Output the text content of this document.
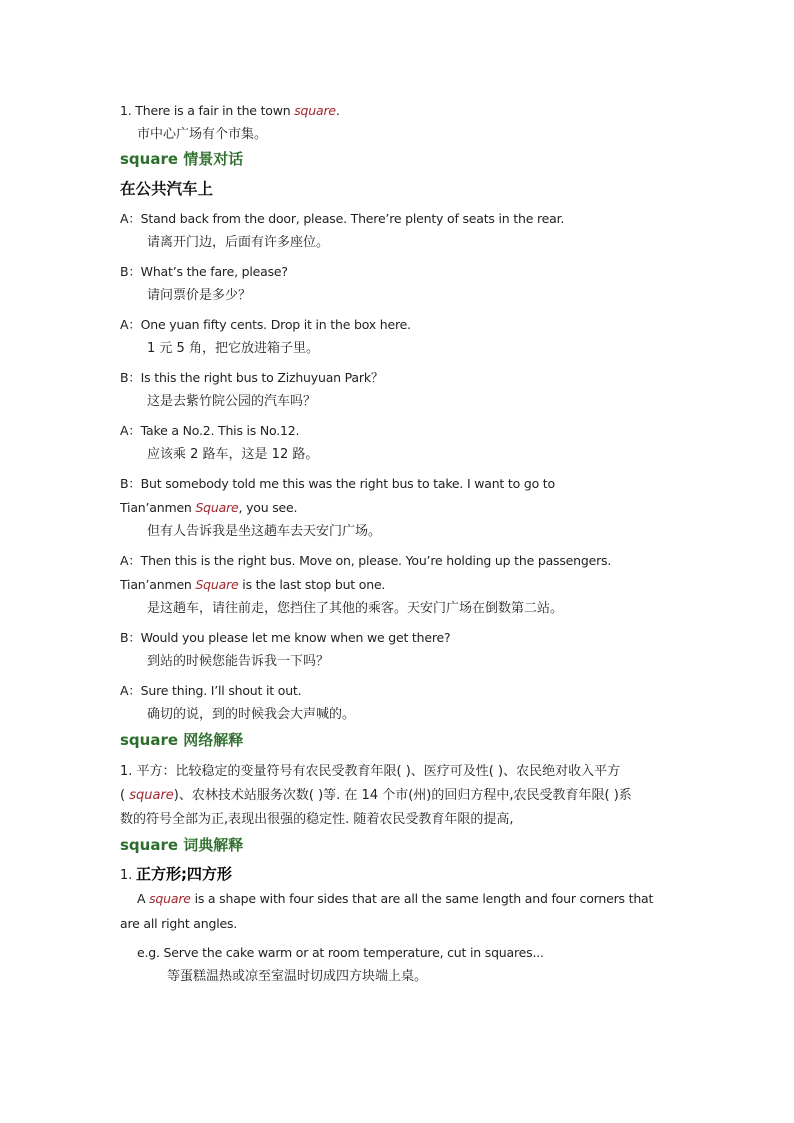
1. There is a fair in the town square.
市中心广场有个市集。
square 情景对话
在公共汽车上
A：Stand back from the door, please. There’re plenty of seats in the rear.
请离开门边，后面有许多座位。
B：What’s the fare, please?
请问票价是多少？
A：One yuan fifty cents. Drop it in the box here.
1 元 5 角，把它放进箱子里。
B：Is this the right bus to Zizhuyuan Park？
这是去紫竹院公园的汽车吗？
A：Take a No.2. This is No.12.
应该乘 2 路车，这是 12 路。
B：But somebody told me this was the right bus to take. I want to go to
Tian’anmen Square, you see.
但有人告诉我是坐这趟车去天安门广场。
A：Then this is the right bus. Move on, please. You’re holding up the passengers.
Tian’anmen Square is the last stop but one.
是这趟车，请往前走，您挡住了其他的乘客。天安门广场在倒数第二站。
B：Would you please let me know when we get there?
到站的时候您能告诉我一下吗？
A：Sure thing. I’ll shout it out.
确切的说，到的时候我会大声喊的。
square 网络解释
1. 平方：比较稳定的变量符号有农民受教育年限( )、医疗可及性( )、农民绝对收入平方
( square)、农林技术站服务次数( )等. 在 14 个市(州)的回归方程中,农民受教育年限( )系
数的符号全部为正,表现出很强的稳定性. 随着农民受教育年限的提高,
square 词典解释
1. 正方形;四方形
A square is a shape with four sides that are all the same length and four corners that
are all right angles.
e.g. Serve the cake warm or at room temperature, cut in squares...
等蛋糕温热或凉至室温时切成四方块端上桌。
